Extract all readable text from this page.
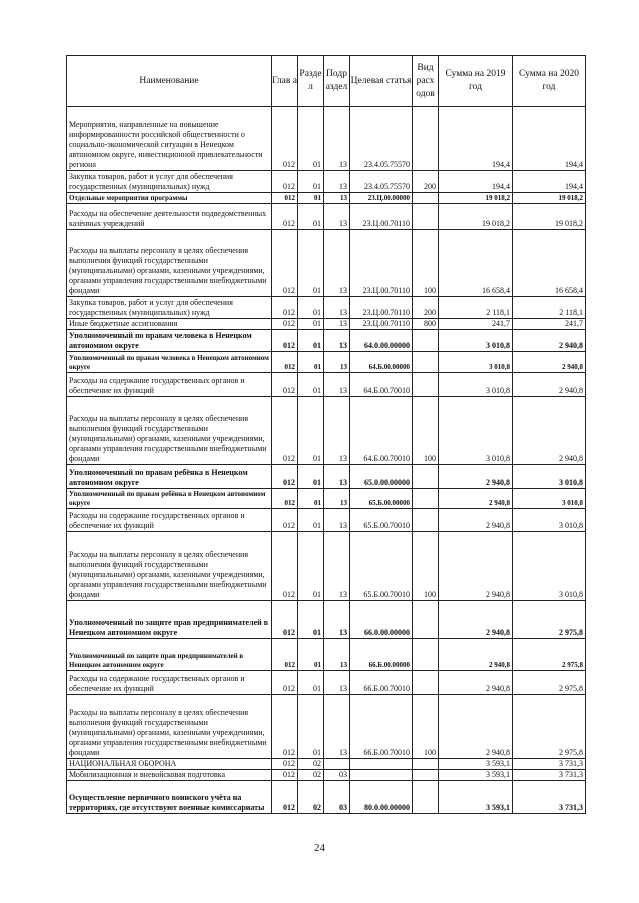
Наименование	Глав а	Разде л	Подр аздел	Целевая статья	Вид расх одов	Сумма на 2019 год	Сумма на 2020 год
Мероприятия, направленные на повышение информированности российской общественности о социально-экономической ситуации в Ненецком автономном округе, инвестиционной привлекательности региона	012	01	13	23.4.05.75570		194,4	194,4
Закупка товаров, работ и услуг для обеспечения государственных (муниципальных) нужд	012	01	13	23.4.05.75570	200	194,4	194,4
Отдельные мероприятия программы	012	01	13	23.Ц.00.00000		19 018,2	19 018,2
Расходы на обеспечение деятельности подведомственных казённых учреждений	012	01	13	23.Ц.00.70110		19 018,2	19 018,2
Расходы на выплаты персоналу в целях обеспечения выполнения функций государственными (муниципальными) органами, казенными учреждениями, органами управления государственными внебюджетными фондами	012	01	13	23.Ц.00.70110	100	16 658,4	16 658,4
Закупка товаров, работ и услуг для обеспечения государственных (муниципальных) нужд	012	01	13	23.Ц.00.70110	200	2 118,1	2 118,1
Иные бюджетные ассигнования	012	01	13	23.Ц.00.70110	800	241,7	241,7
Уполномоченный по правам человека в Ненецком автономном округе	012	01	13	64.0.00.00000		3 010,8	2 940,8
Уполномоченный по правам человека в Ненецком автономном округе	012	01	13	64.Б.00.00000		3 010,8	2 940,8
Расходы на содержание государственных органов и обеспечение их функций	012	01	13	64.Б.00.70010		3 010,8	2 940,8
Расходы на выплаты персоналу в целях обеспечения выполнения функций государственными (муниципальными) органами, казенными учреждениями, органами управления государственными внебюджетными фондами	012	01	13	64.Б.00.70010	100	3 010,8	2 940,8
Уполномоченный по правам ребёнка в Ненецком автономном округе	012	01	13	65.0.00.00000		2 940,8	3 010,8
Уполномоченный по правам ребёнка в Ненецком автономном округе	012	01	13	65.Б.00.00000		2 940,8	3 010,8
Расходы на содержание государственных органов и обеспечение их функций	012	01	13	65.Б.00.70010		2 940,8	3 010,8
Расходы на выплаты персоналу в целях обеспечения выполнения функций государственными (муниципальными) органами, казенными учреждениями, органами управления государственными внебюджетными фондами	012	01	13	65.Б.00.70010	100	2 940,8	3 010,8
Уполномоченный по защите прав предпринимателей в Ненецком автономном округе	012	01	13	66.0.00.00000		2 940,8	2 975,8
Уполномоченный по защите прав предпринимателей в Ненецком автономном округе	012	01	13	66.Б.00.00000		2 940,8	2 975,8
Расходы на содержание государственных органов и обеспечение их функций	012	01	13	66.Б.00.70010		2 940,8	2 975,8
Расходы на выплаты персоналу в целях обеспечения выполнения функций государственными (муниципальными) органами, казенными учреждениями, органами управления государственными внебюджетными фондами	012	01	13	66.Б.00.70010	100	2 940,8	2 975,8
НАЦИОНАЛЬНАЯ ОБОРОНА	012	02				3 593,1	3 731,3
Мобилизационная и вневойсковая подготовка	012	02	03			3 593,1	3 731,3
Осуществление первичного воинского учёта на территориях, где отсутствуют военные комиссариаты	012	02	03	80.0.00.00000		3 593,1	3 731,3
24
